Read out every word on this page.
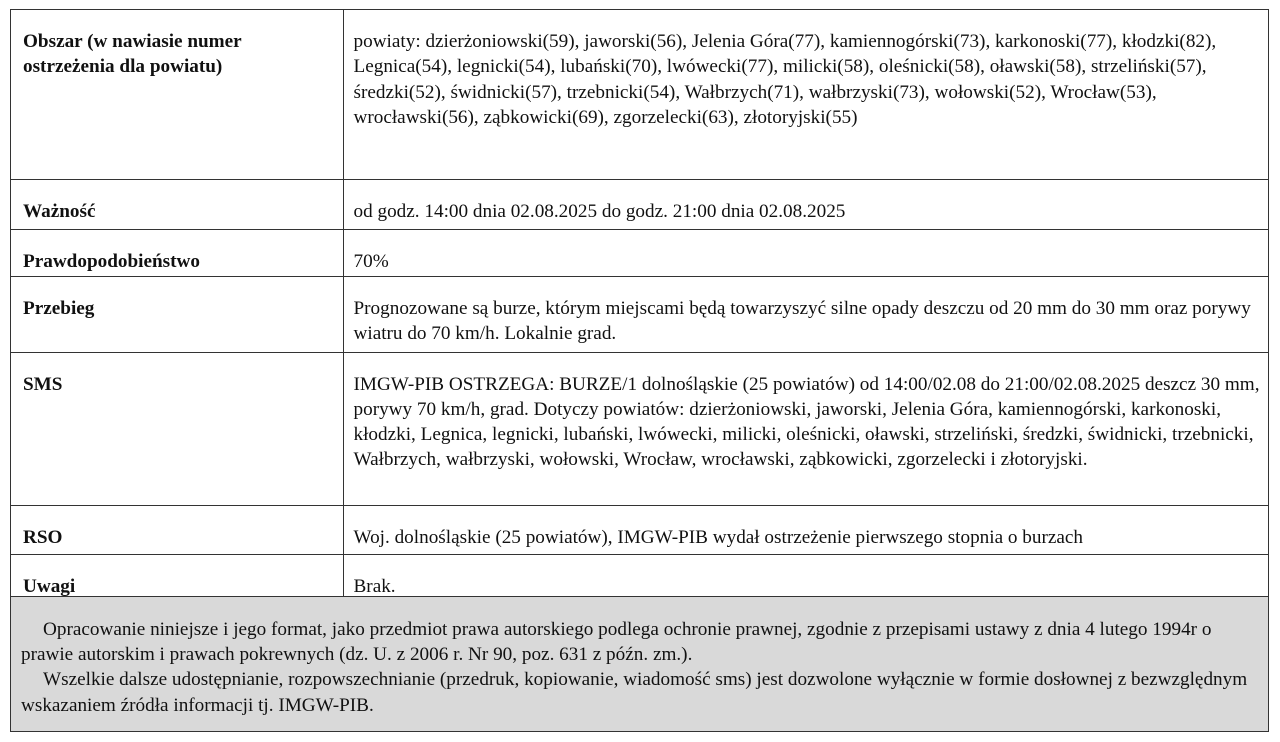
Obszar (w nawiasie numer ostrzeżenia dla powiatu)	powiaty: dzierżoniowski(59), jaworski(56), Jelenia Góra(77), kamiennogórski(73), karkonoski(77), kłodzki(82), Legnica(54), legnicki(54), lubański(70), lwówecki(77), milicki(58), oleśnicki(58), oławski(58), strzeliński(57), średzki(52), świdnicki(57), trzebnicki(54), Wałbrzych(71), wałbrzyski(73), wołowski(52), Wrocław(53), wrocławski(56), ząbkowicki(69), zgorzelecki(63), złotoryjski(55)
Ważność	od godz. 14:00 dnia 02.08.2025 do godz. 21:00 dnia 02.08.2025
Prawdopodobieństwo	70%
Przebieg	Prognozowane są burze, którym miejscami będą towarzyszyć silne opady deszczu od 20 mm do 30 mm oraz porywy wiatru do 70 km/h. Lokalnie grad.
SMS	IMGW-PIB OSTRZEGA: BURZE/1 dolnośląskie (25 powiatów) od 14:00/02.08 do 21:00/02.08.2025 deszcz 30 mm, porywy 70 km/h, grad. Dotyczy powiatów: dzierżoniowski, jaworski, Jelenia Góra, kamiennogórski, karkonoski, kłodzki, Legnica, legnicki, lubański, lwówecki, milicki, oleśnicki, oławski, strzeliński, średzki, świdnicki, trzebnicki, Wałbrzych, wałbrzyski, wołowski, Wrocław, wrocławski, ząbkowicki, zgorzelecki i złotoryjski.
RSO	Woj. dolnośląskie (25 powiatów), IMGW-PIB wydał ostrzeżenie pierwszego stopnia o burzach
Uwagi	Brak.

Opracowanie niniejsze i jego format, jako przedmiot prawa autorskiego podlega ochronie prawnej, zgodnie z przepisami ustawy z dnia 4 lutego 1994r o prawie autorskim i prawach pokrewnych (dz. U. z 2006 r. Nr 90, poz. 631 z późn. zm.).

Wszelkie dalsze udostępnianie, rozpowszechnianie (przedruk, kopiowanie, wiadomość sms) jest dozwolone wyłącznie w formie dosłownej z bezwzględnym wskazaniem źródła informacji tj. IMGW-PIB.
